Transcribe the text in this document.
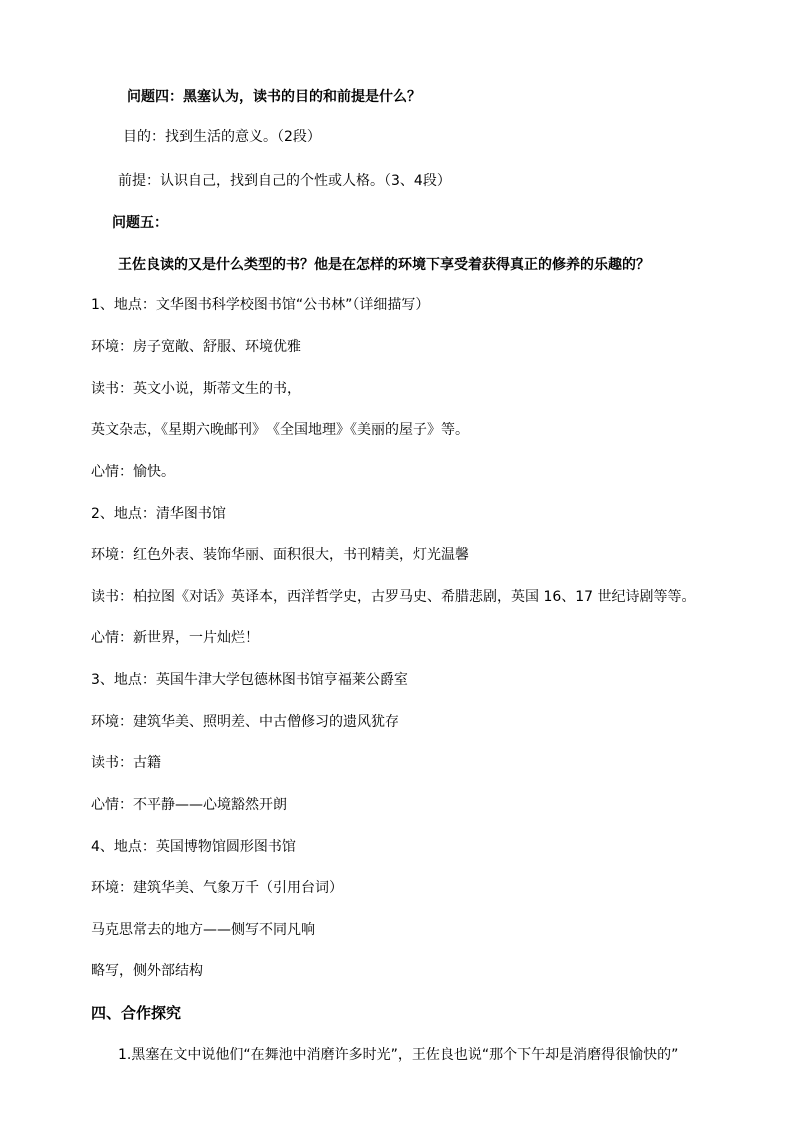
问题四：黑塞认为，读书的目的和前提是什么？
目的：找到生活的意义。（2段）
前提：认识自己，找到自己的个性或人格。（3、4段）
问题五：
王佐良读的又是什么类型的书？他是在怎样的环境下享受着获得真正的修养的乐趣的？
1、地点：文华图书科学校图书馆“公书林”（详细描写）
环境：房子宽敞、舒服、环境优雅
读书：英文小说，斯蒂文生的书，
英文杂志，《星期六晚邮刊》　《全国地理》《美丽的屋子》等。
心情：愉快。
2、地点：清华图书馆
环境：红色外表、装饰华丽、面积很大，书刊精美，灯光温馨
读书：柏拉图《对话》英译本，西洋哲学史，古罗马史、希腊悲剧，英国 16、17 世纪诗剧等等。
心情：新世界，一片灿烂！
3、地点：英国牛津大学包德林图书馆亨福莱公爵室
环境：建筑华美、照明差、中古僧修习的遗风犹存
读书：古籍
心情：不平静——心境豁然开朗
4、地点：英国博物馆圆形图书馆
环境：建筑华美、气象万千（引用台词）
马克思常去的地方——侧写不同凡响
略写，侧外部结构
四、合作探究
1.黑塞在文中说他们“在舞池中消磨许多时光”，王佐良也说“那个下午却是消磨得很愉快的”
